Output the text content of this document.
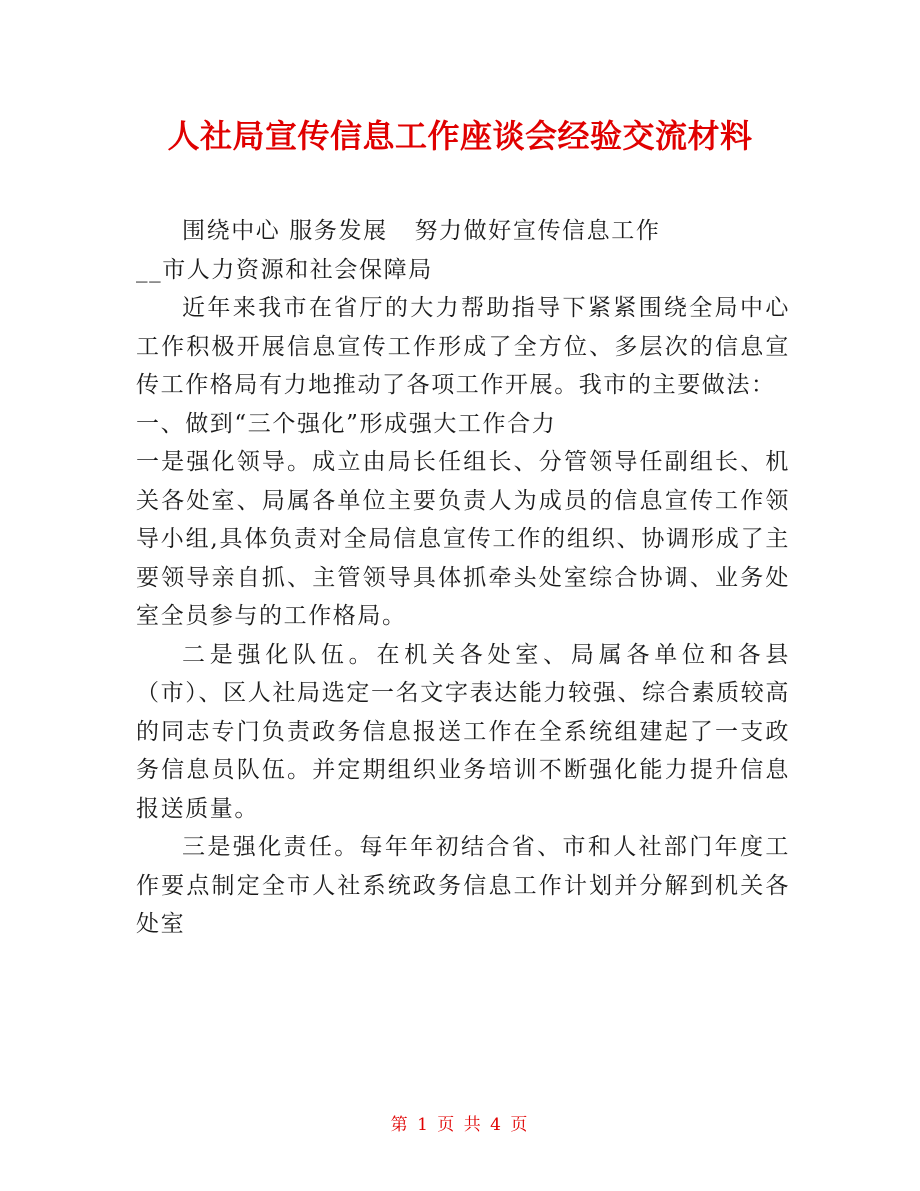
人社局宣传信息工作座谈会经验交流材料

围绕中心 服务发展   努力做好宣传信息工作

__市人力资源和社会保障局

近年来我市在省厅的大力帮助指导下紧紧围绕全局中心工作积极开展信息宣传工作形成了全方位、多层次的信息宣传工作格局有力地推动了各项工作开展。我市的主要做法：

一、做到“三个强化”形成强大工作合力

一是强化领导。成立由局长任组长、分管领导任副组长、机关各处室、局属各单位主要负责人为成员的信息宣传工作领导小组,具体负责对全局信息宣传工作的组织、协调形成了主要领导亲自抓、主管领导具体抓牵头处室综合协调、业务处室全员参与的工作格局。

二是强化队伍。在机关各处室、局属各单位和各县（市）、区人社局选定一名文字表达能力较强、综合素质较高的同志专门负责政务信息报送工作在全系统组建起了一支政务信息员队伍。并定期组织业务培训不断强化能力提升信息报送质量。

三是强化责任。每年年初结合省、市和人社部门年度工作要点制定全市人社系统政务信息工作计划并分解到机关各处室

第 1 页 共 4 页
